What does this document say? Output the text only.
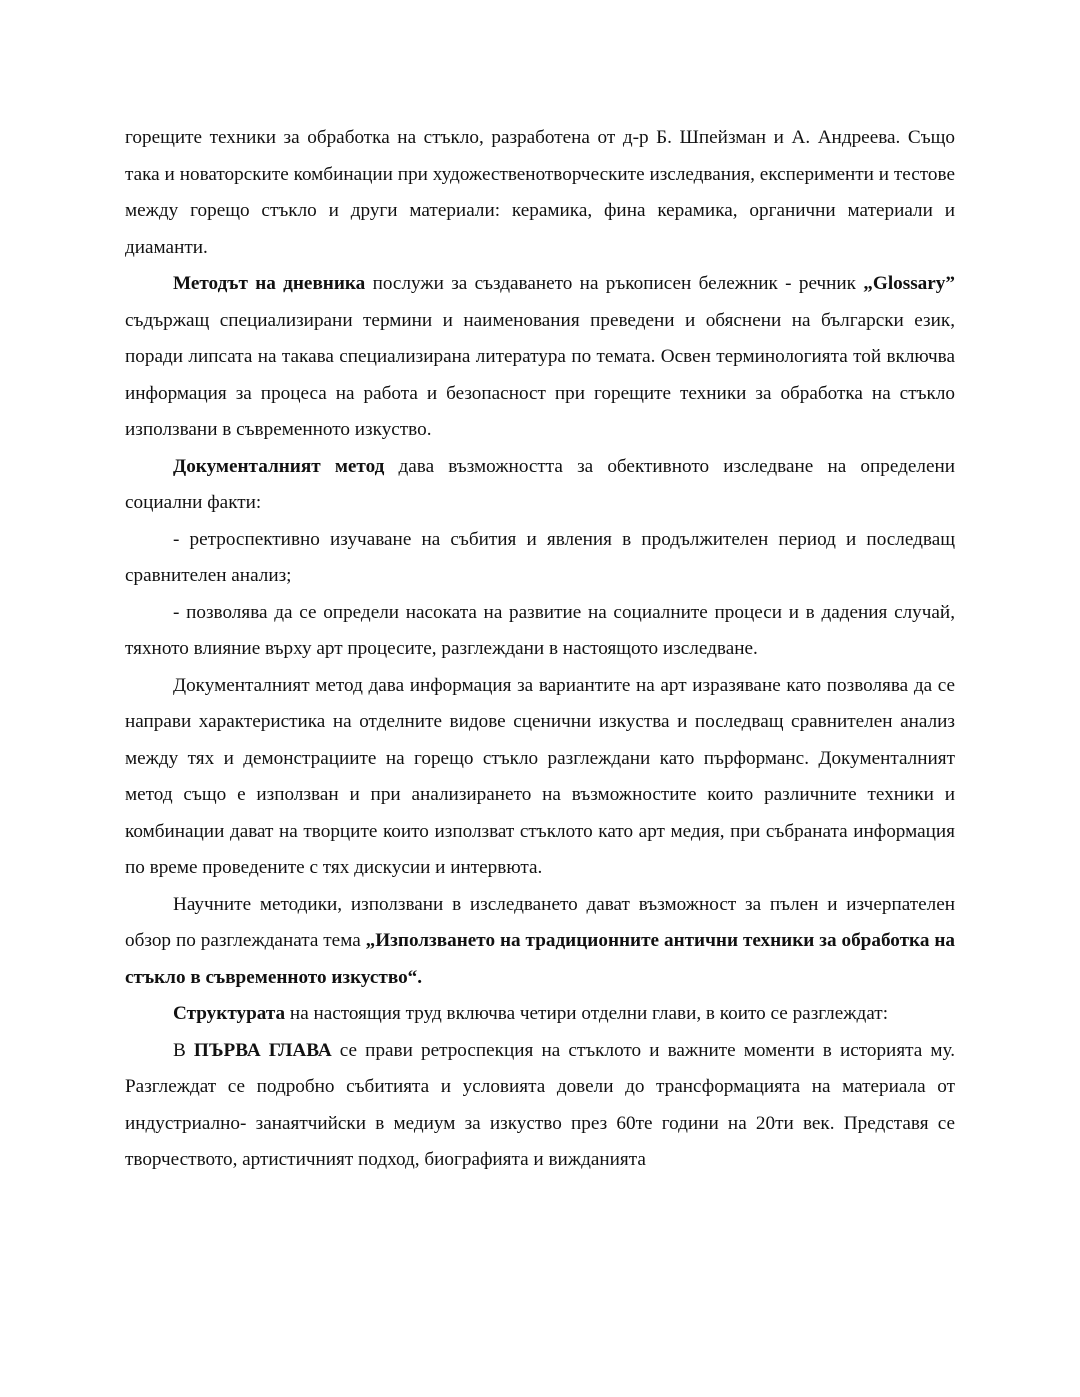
горещите техники за обработка на стъкло, разработена от д-р Б. Шпейзман и А. Андреева. Също така и новаторските комбинации при художественотворческите изследвания, експерименти и тестове между горещо стъкло и други материали: керамика, фина керамика, органични материали и диаманти.

Методът на дневника послужи за създаването на ръкописен бележник - речник „Glossary” съдържащ специализирани термини и наименования преведени и обяснени на български език, поради липсата на такава специализирана литература по темата. Освен терминологията той включва информация за процеса на работа и безопасност при горещите техники за обработка на стъкло използвани в съвременното изкуство.

Документалният метод дава възможността за обективното изследване на определени социални факти:

- ретроспективно изучаване на събития и явления в продължителен период и последващ сравнителен анализ;

- позволява да се определи насоката на развитие на социалните процеси и в дадения случай, тяхното влияние върху арт процесите, разглеждани в настоящото изследване.

Документалният метод дава информация за вариантите на арт изразяване като позволява да се направи характеристика на отделните видове сценични изкуства и последващ сравнителен анализ между тях и демонстрациите на горещо стъкло разглеждани като пърформанс. Документалният метод също е използван и при анализирането на възможностите които различните техники и комбинации дават на творците които използват стъклото като арт медия, при събраната информация по време проведените с тях дискусии и интервюта.

Научните методики, използвани в изследването дават възможност за пълен и изчерпателен обзор по разглежданата тема „Използването на традиционните антични техники за обработка на стъкло в съвременното изкуство“.

Структурата на настоящия труд включва четири отделни глави, в които се разглеждат:

В ПЪРВА ГЛАВА се прави ретроспекция на стъклото и важните моменти в историята му. Разглеждат се подробно събитията и условията довели до трансформацията на материала от индустриално- занаятчийски в медиум за изкуство през 60те години на 20ти век. Представя се творчеството, артистичният подход, биографията и вижданията
